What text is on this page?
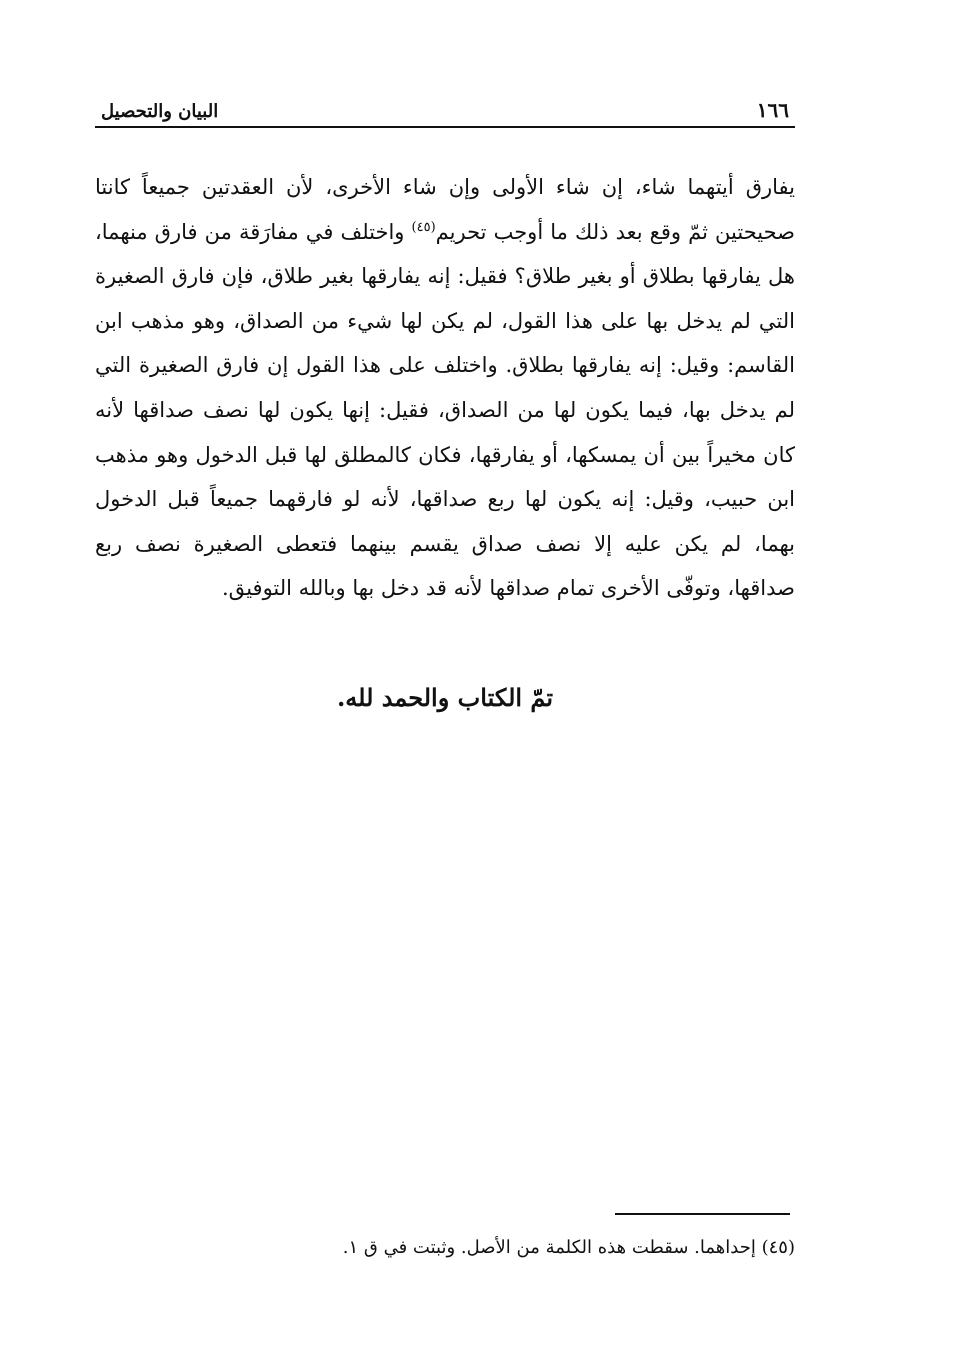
١٦٦
البيان والتحصيل

يفارق أيتهما شاء، إن شاء الأولى وإن شاء الأخرى، لأن العقدتين جميعاً كانتا صحيحتين ثمّ وقع بعد ذلك ما أوجب تحريم$^{(٤٥)}$ واختلف في مفارَقة من فارق منهما، هل يفارقها بطلاق أو بغير طلاق؟ فقيل: إنه يفارقها بغير طلاق، فإن فارق الصغيرة التي لم يدخل بها على هذا القول، لم يكن لها شيء من الصداق، وهو مذهب ابن القاسم: وقيل: إنه يفارقها بطلاق. واختلف على هذا القول إن فارق الصغيرة التي لم يدخل بها، فيما يكون لها من الصداق، فقيل: إنها يكون لها نصف صداقها لأنه كان مخيراً بين أن يمسكها، أو يفارقها، فكان كالمطلق لها قبل الدخول وهو مذهب ابن حبيب، وقيل: إنه يكون لها ربع صداقها، لأنه لو فارقهما جميعاً قبل الدخول بهما، لم يكن عليه إلا نصف صداق يقسم بينهما فتعطى الصغيرة نصف ربع صداقها، وتوفّى الأخرى تمام صداقها لأنه قد دخل بها وبالله التوفيق.

تمّ الكتاب والحمد لله.

(٤٥) إحداهما. سقطت هذه الكلمة من الأصل. وثبتت في ق ١.
